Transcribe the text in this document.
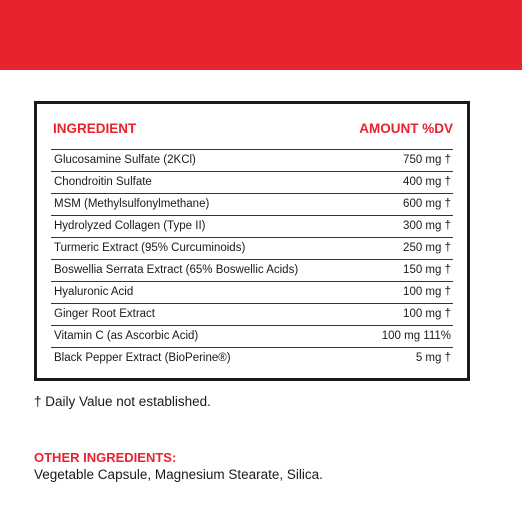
INGREDIENT	AMOUNT %DV
Glucosamine Sulfate (2KCl)	750 mg †
Chondroitin Sulfate	400 mg †
MSM (Methylsulfonylmethane)	600 mg †
Hydrolyzed Collagen (Type II)	300 mg †
Turmeric Extract (95% Curcuminoids)	250 mg †
Boswellia Serrata Extract (65% Boswellic Acids)	150 mg †
Hyaluronic Acid	100 mg †
Ginger Root Extract	100 mg †
Vitamin C (as Ascorbic Acid)	100 mg 111%
Black Pepper Extract (BioPerine®)	5 mg †
† Daily Value not established.
OTHER INGREDIENTS:
Vegetable Capsule, Magnesium Stearate, Silica.
